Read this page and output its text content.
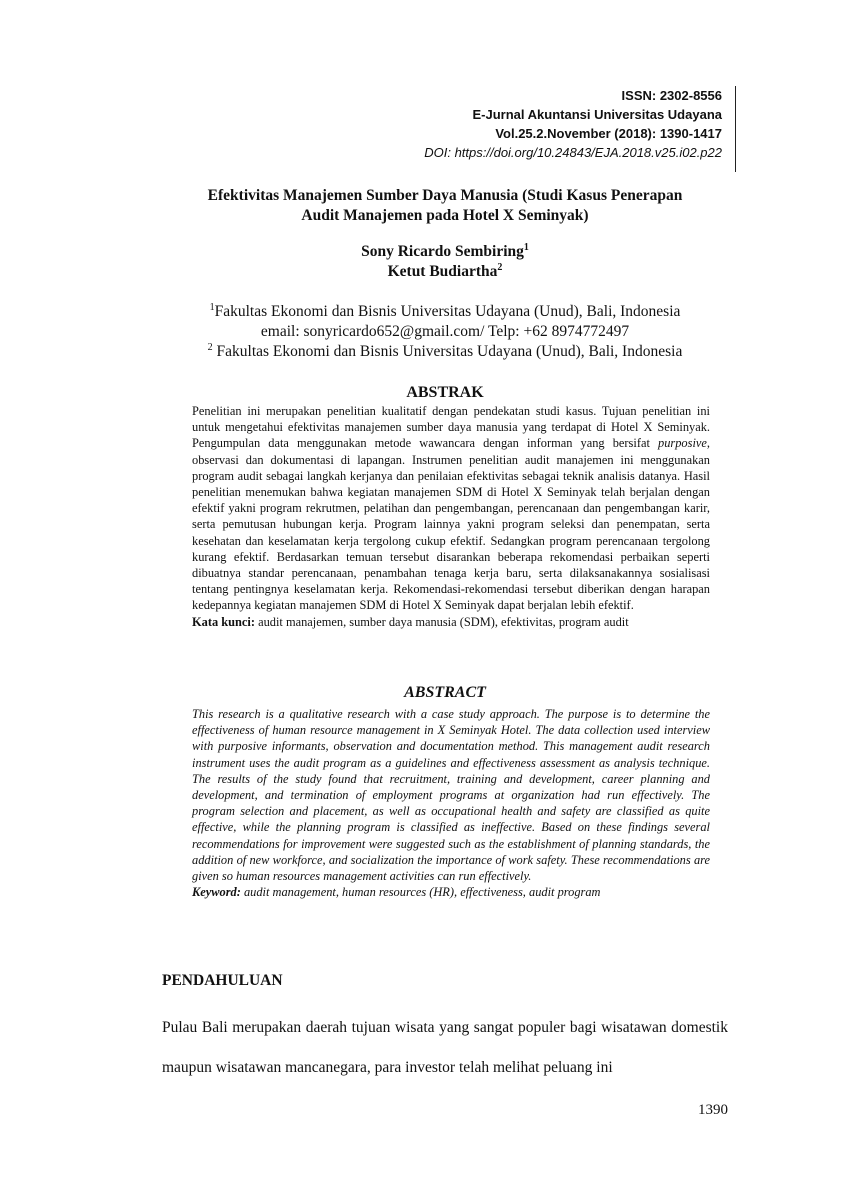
ISSN: 2302-8556
E-Jurnal Akuntansi Universitas Udayana
Vol.25.2.November (2018): 1390-1417
DOI: https://doi.org/10.24843/EJA.2018.v25.i02.p22
Efektivitas Manajemen Sumber Daya Manusia (Studi Kasus Penerapan
Audit Manajemen pada Hotel X Seminyak)
Sony Ricardo Sembiring$^1$
Ketut Budiartha$^2$
$^1$Fakultas Ekonomi dan Bisnis Universitas Udayana (Unud), Bali, Indonesia
email: sonyricardo652@gmail.com/ Telp: +62 8974772497
$^2$ Fakultas Ekonomi dan Bisnis Universitas Udayana (Unud), Bali, Indonesia
ABSTRAK
Penelitian ini merupakan penelitian kualitatif dengan pendekatan studi kasus. Tujuan penelitian ini untuk mengetahui efektivitas manajemen sumber daya manusia yang terdapat di Hotel X Seminyak. Pengumpulan data menggunakan metode wawancara dengan informan yang bersifat purposive, observasi dan dokumentasi di lapangan. Instrumen penelitian audit manajemen ini menggunakan program audit sebagai langkah kerjanya dan penilaian efektivitas sebagai teknik analisis datanya. Hasil penelitian menemukan bahwa kegiatan manajemen SDM di Hotel X Seminyak telah berjalan dengan efektif yakni program rekrutmen, pelatihan dan pengembangan, perencanaan dan pengembangan karir, serta pemutusan hubungan kerja. Program lainnya yakni program seleksi dan penempatan, serta kesehatan dan keselamatan kerja tergolong cukup efektif. Sedangkan program perencanaan tergolong kurang efektif. Berdasarkan temuan tersebut disarankan beberapa rekomendasi perbaikan seperti dibuatnya standar perencanaan, penambahan tenaga kerja baru, serta dilaksanakannya sosialisasi tentang pentingnya keselamatan kerja. Rekomendasi-rekomendasi tersebut diberikan dengan harapan kedepannya kegiatan manajemen SDM di Hotel X Seminyak dapat berjalan lebih efektif.
Kata kunci: audit manajemen, sumber daya manusia (SDM), efektivitas, program audit
ABSTRACT
This research is a qualitative research with a case study approach. The purpose is to determine the effectiveness of human resource management in X Seminyak Hotel. The data collection used interview with purposive informants, observation and documentation method. This management audit research instrument uses the audit program as a guidelines and effectiveness assessment as analysis technique. The results of the study found that recruitment, training and development, career planning and development, and termination of employment programs at organization had run effectively. The program selection and placement, as well as occupational health and safety are classified as quite effective, while the planning program is classified as ineffective. Based on these findings several recommendations for improvement were suggested such as the establishment of planning standards, the addition of new workforce, and socialization the importance of work safety. These recommendations are given so human resources management activities can run effectively.
Keyword: audit management, human resources (HR), effectiveness, audit program
PENDAHULUAN
Pulau Bali merupakan daerah tujuan wisata yang sangat populer bagi wisatawan domestik maupun wisatawan mancanegara, para investor telah melihat peluang ini
1390
